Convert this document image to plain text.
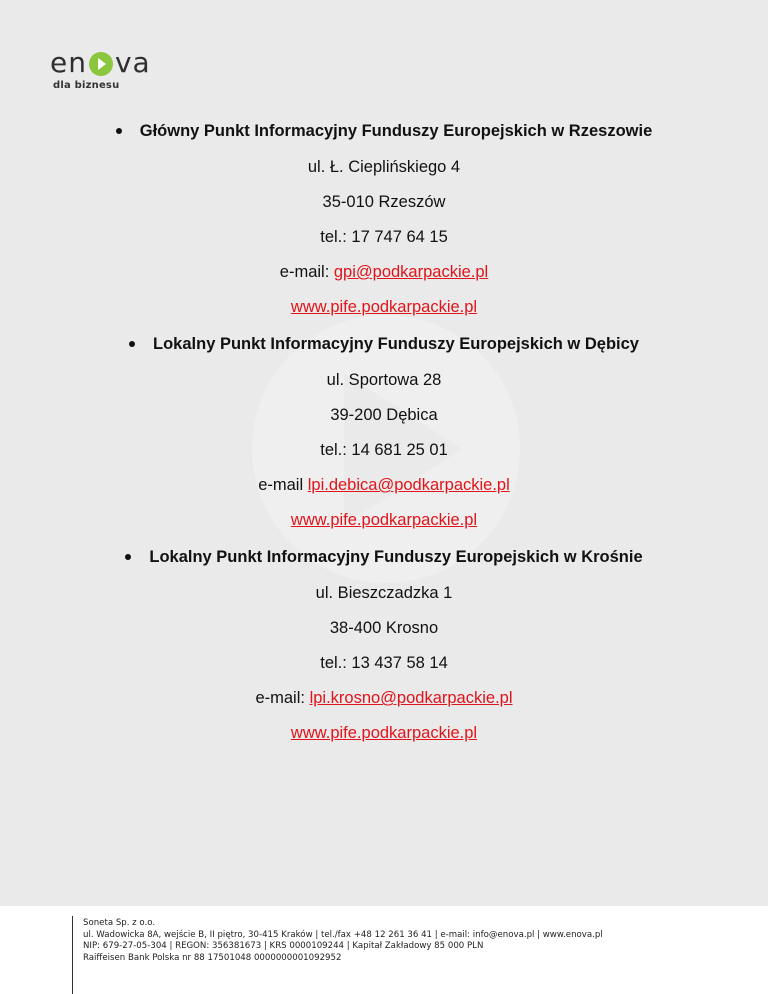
en va
dla biznesu
Główny Punkt Informacyjny Funduszy Europejskich w Rzeszowie
ul. Ł. Cieplińskiego 4
35-010 Rzeszów
tel.: 17 747 64 15
e-mail: gpi@podkarpackie.pl
www.pife.podkarpackie.pl
Lokalny Punkt Informacyjny Funduszy Europejskich w Dębicy
ul. Sportowa 28
39-200 Dębica
tel.: 14 681 25 01
e-mail lpi.debica@podkarpackie.pl
www.pife.podkarpackie.pl
Lokalny Punkt Informacyjny Funduszy Europejskich w Krośnie
ul. Bieszczadzka 1
38-400 Krosno
tel.: 13 437 58 14
e-mail: lpi.krosno@podkarpackie.pl
www.pife.podkarpackie.pl
Soneta Sp. z o.o.
ul. Wadowicka 8A, wejście B, II piętro, 30-415 Kraków | tel./fax +48 12 261 36 41 | e-mail: info@enova.pl | www.enova.pl
NIP: 679-27-05-304 | REGON: 356381673 | KRS 0000109244 | Kapitał Zakładowy 85 000 PLN
Raiffeisen Bank Polska nr 88 17501048 0000000001092952
